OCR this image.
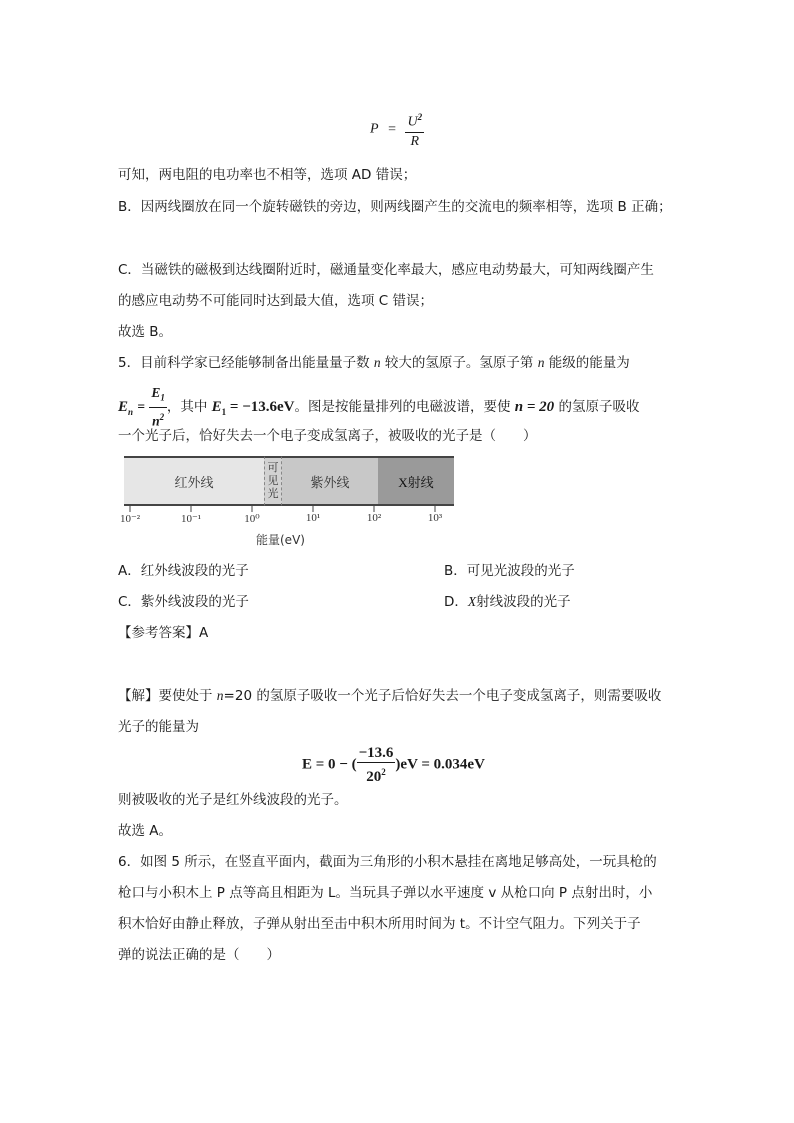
$P = \frac{U^2}{R}$
可知，两电阻的电功率也不相等，选项 AD 错误；
B．因两线圈放在同一个旋转磁铁的旁边，则两线圈产生的交流电的频率相等，选项 B 正确；
C．当磁铁的磁极到达线圈附近时，磁通量变化率最大，感应电动势最大，可知两线圈产生
的感应电动势不可能同时达到最大值，选项 C 错误；
故选 B。
5．目前科学家已经能够制备出能量量子数 n 较大的氢原子。氢原子第 n 能级的能量为
$E_n = \frac{E_1}{n^2}$ ，其中 $E_1 = -13.6eV$。图是按能量排列的电磁波谱，要使 n = 20 的氢原子吸收
一个光子后，恰好失去一个电子变成氢离子，被吸收的光子是（　　）
红外线
可
见
光
紫外线	X射线
10⁻²	10⁻¹	10⁰	10¹	10²	10³
能量(eV)
A．红外线波段的光子	B．可见光波段的光子
C．紫外线波段的光子	D．X射线波段的光子
【参考答案】A
【解】要使处于 n=20 的氢原子吸收一个光子后恰好失去一个电子变成氢离子，则需要吸收
光子的能量为
E = 0 − ( $\frac{-13.6}{20^2} )eV = 0.034eV$
则被吸收的光子是红外线波段的光子。
故选 A。
6．如图 5 所示，在竖直平面内，截面为三角形的小积木悬挂在离地足够高处，一玩具枪的
枪口与小积木上 P 点等高且相距为 L。当玩具子弹以水平速度 v 从枪口向 P 点射出时，小
积木恰好由静止释放，子弹从射出至击中积木所用时间为 t。不计空气阻力。下列关于子
弹的说法正确的是（　　）
